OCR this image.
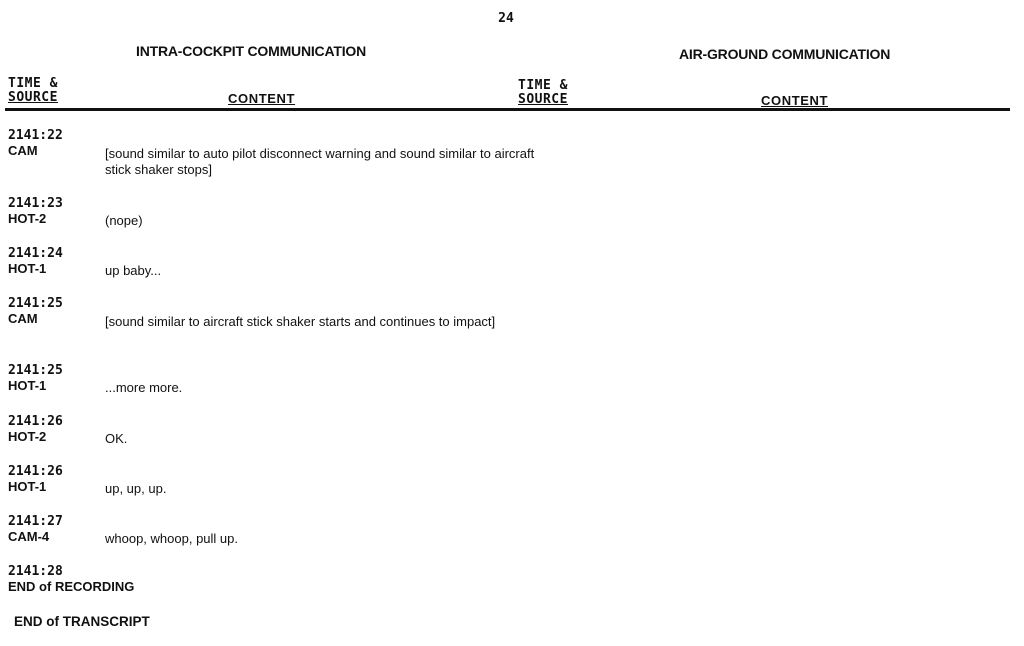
24
INTRA-COCKPIT COMMUNICATION	AIR-GROUND COMMUNICATION
TIME &
SOURCE	CONTENT
TIME &
SOURCE	CONTENT
2141:22
CAM	[sound similar to auto pilot disconnect warning and sound similar to aircraft stick shaker stops]
2141:23
HOT-2	(nope)
2141:24
HOT-1	up baby...
2141:25
CAM	[sound similar to aircraft stick shaker starts and continues to impact]
2141:25
HOT-1	...more more.
2141:26
HOT-2	OK.
2141:26
HOT-1	up, up, up.
2141:27
CAM-4	whoop, whoop, pull up.
2141:28
END of RECORDING
END of TRANSCRIPT
